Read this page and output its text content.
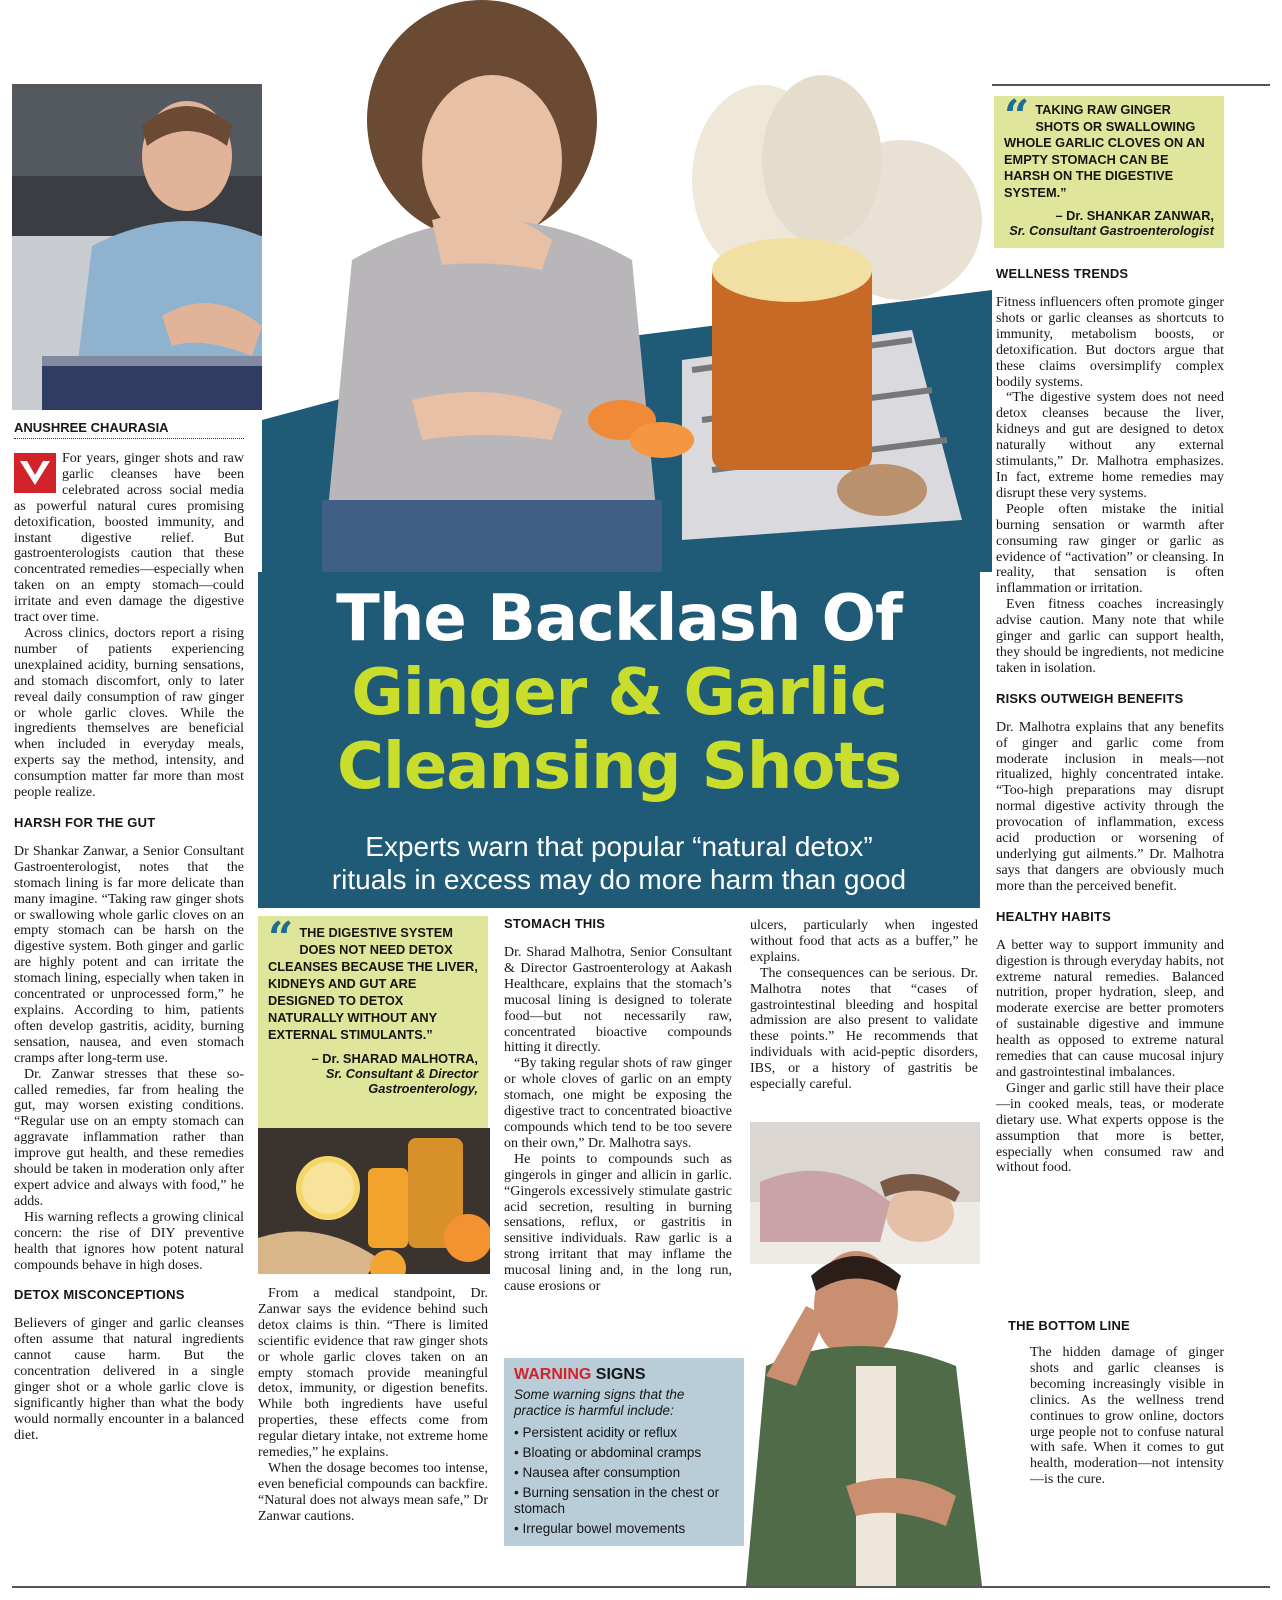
“ TAKING RAW GINGER SHOTS OR SWALLOWING WHOLE GARLIC CLOVES ON AN EMPTY STOMACH CAN BE HARSH ON THE DIGESTIVE SYSTEM.”
– Dr. SHANKAR ZANWAR,
Sr. Consultant Gastroenterologist
The Backlash Of
Ginger & Garlic
Cleansing Shots
Experts warn that popular “natural detox”
rituals in excess may do more harm than good
ANUSHREE CHAURASIA

For years, ginger shots and raw garlic cleanses have been celebrated across social media as powerful natural cures promising detoxification, boosted immunity, and instant digestive relief. But gastroenterologists caution that these concentrated remedies—especially when taken on an empty stomach—could irritate and even damage the digestive tract over time.

Across clinics, doctors report a rising number of patients experiencing unexplained acidity, burning sensations, and stomach discomfort, only to later reveal daily consumption of raw ginger or whole garlic cloves. While the ingredients themselves are beneficial when included in everyday meals, experts say the method, intensity, and consumption matter far more than most people realize.

HARSH FOR THE GUT

Dr Shankar Zanwar, a Senior Consultant Gastroenterologist, notes that the stomach lining is far more delicate than many imagine. “Taking raw ginger shots or swallowing whole garlic cloves on an empty stomach can be harsh on the digestive system. Both ginger and garlic are highly potent and can irritate the stomach lining, especially when taken in concentrated or unprocessed form,” he explains. According to him, patients often develop gastritis, acidity, burning sensation, nausea, and even stomach cramps after long-term use.

Dr. Zanwar stresses that these so-called remedies, far from healing the gut, may worsen existing conditions. “Regular use on an empty stomach can aggravate inflammation rather than improve gut health, and these remedies should be taken in moderation only after expert advice and always with food,” he adds.

His warning reflects a growing clinical concern: the rise of DIY preventive health that ignores how potent natural compounds behave in high doses.

DETOX MISCONCEPTIONS

Believers of ginger and garlic cleanses often assume that natural ingredients cannot cause harm. But the concentration delivered in a single ginger shot or a whole garlic clove is significantly higher than what the body would normally encounter in a balanced diet.

“ THE DIGESTIVE SYSTEM DOES NOT NEED DETOX CLEANSES BECAUSE THE LIVER, KIDNEYS AND GUT ARE DESIGNED TO DETOX NATURALLY WITHOUT ANY EXTERNAL STIMULANTS.”
– Dr. SHARAD MALHOTRA,
Sr. Consultant & Director
Gastroenterology,

From a medical standpoint, Dr. Zanwar says the evidence behind such detox claims is thin. “There is limited scientific evidence that raw ginger shots or whole garlic cloves taken on an empty stomach provide meaningful detox, immunity, or digestion benefits. While both ingredients have useful properties, these effects come from regular dietary intake, not extreme home remedies,” he explains.

When the dosage becomes too intense, even beneficial compounds can backfire. “Natural does not always mean safe,” Dr Zanwar cautions.

STOMACH THIS

Dr. Sharad Malhotra, Senior Consultant & Director Gastroenterology at Aakash Healthcare, explains that the stomach’s mucosal lining is designed to tolerate food—but not necessarily raw, concentrated bioactive compounds hitting it directly.

“By taking regular shots of raw ginger or whole cloves of garlic on an empty stomach, one might be exposing the digestive tract to concentrated bioactive compounds which tend to be too severe on their own,” Dr. Malhotra says.

He points to compounds such as gingerols in ginger and allicin in garlic. “Gingerols excessively stimulate gastric acid secretion, resulting in burning sensations, reflux, or gastritis in sensitive individuals. Raw garlic is a strong irritant that may inflame the mucosal lining and, in the long run, cause erosions or

ulcers, particularly when ingested without food that acts as a buffer,” he explains.

The consequences can be serious. Dr. Malhotra notes that “cases of gastrointestinal bleeding and hospital admission are also present to validate these points.” He recommends that individuals with acid-peptic disorders, IBS, or a history of gastritis be especially careful.

WARNING SIGNS
Some warning signs that the practice is harmful include:
• Persistent acidity or reflux
• Bloating or abdominal cramps
• Nausea after consumption
• Burning sensation in the chest or stomach
• Irregular bowel movements
WELLNESS TRENDS

Fitness influencers often promote ginger shots or garlic cleanses as shortcuts to immunity, metabolism boosts, or detoxification. But doctors argue that these claims oversimplify complex bodily systems.

“The digestive system does not need detox cleanses because the liver, kidneys and gut are designed to detox naturally without any external stimulants,” Dr. Malhotra emphasizes. In fact, extreme home remedies may disrupt these very systems.

People often mistake the initial burning sensation or warmth after consuming raw ginger or garlic as evidence of “activation” or cleansing. In reality, that sensation is often inflammation or irritation.

Even fitness coaches increasingly advise caution. Many note that while ginger and garlic can support health, they should be ingredients, not medicine taken in isolation.

RISKS OUTWEIGH BENEFITS

Dr. Malhotra explains that any benefits of ginger and garlic come from moderate inclusion in meals—not ritualized, highly concentrated intake. “Too-high preparations may disrupt normal digestive activity through the provocation of inflammation, excess acid production or worsening of underlying gut ailments.” Dr. Malhotra says that dangers are obviously much more than the perceived benefit.

HEALTHY HABITS

A better way to support immunity and digestion is through everyday habits, not extreme natural remedies. Balanced nutrition, proper hydration, sleep, and moderate exercise are better promoters of sustainable digestive and immune health as opposed to extreme natural remedies that can cause mucosal injury and gastrointestinal imbalances.

Ginger and garlic still have their place—in cooked meals, teas, or moderate dietary use. What experts oppose is the assumption that more is better, especially when consumed raw and without food.

THE BOTTOM LINE

The hidden damage of ginger shots and garlic cleanses is becoming increasingly visible in clinics. As the wellness trend continues to grow online, doctors urge people not to confuse natural with safe. When it comes to gut health, moderation—not intensity—is the cure.
